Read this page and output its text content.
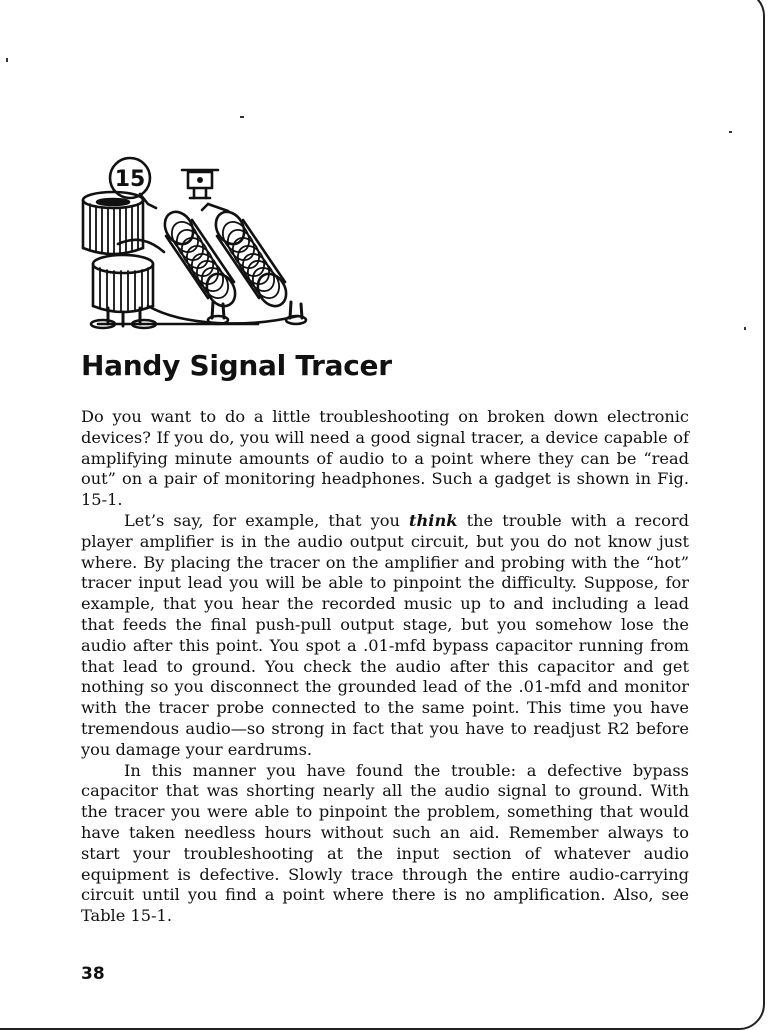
15
Handy Signal Tracer

Do you want to do a little troubleshooting on broken down electronic devices? If you do, you will need a good signal tracer, a device capable of amplifying minute amounts of audio to a point where they can be “read out” on a pair of monitoring headphones. Such a gadget is shown in Fig. 15-1.

Let’s say, for example, that you think the trouble with a record player amplifier is in the audio output circuit, but you do not know just where. By placing the tracer on the amplifier and probing with the “hot” tracer input lead you will be able to pinpoint the difficulty. Suppose, for example, that you hear the recorded music up to and including a lead that feeds the final push-pull output stage, but you somehow lose the audio after this point. You spot a .01-mfd bypass capacitor running from that lead to ground. You check the audio after this capacitor and get nothing so you disconnect the grounded lead of the .01-mfd and monitor with the tracer probe connected to the same point. This time you have tremendous audio—so strong in fact that you have to readjust R2 before you damage your eardrums.

In this manner you have found the trouble: a defective bypass capacitor that was shorting nearly all the audio signal to ground. With the tracer you were able to pinpoint the problem, something that would have taken needless hours without such an aid. Remember always to start your troubleshooting at the input section of whatever audio equipment is defective. Slowly trace through the entire audio-carrying circuit until you find a point where there is no amplification. Also, see Table 15-1.

38
